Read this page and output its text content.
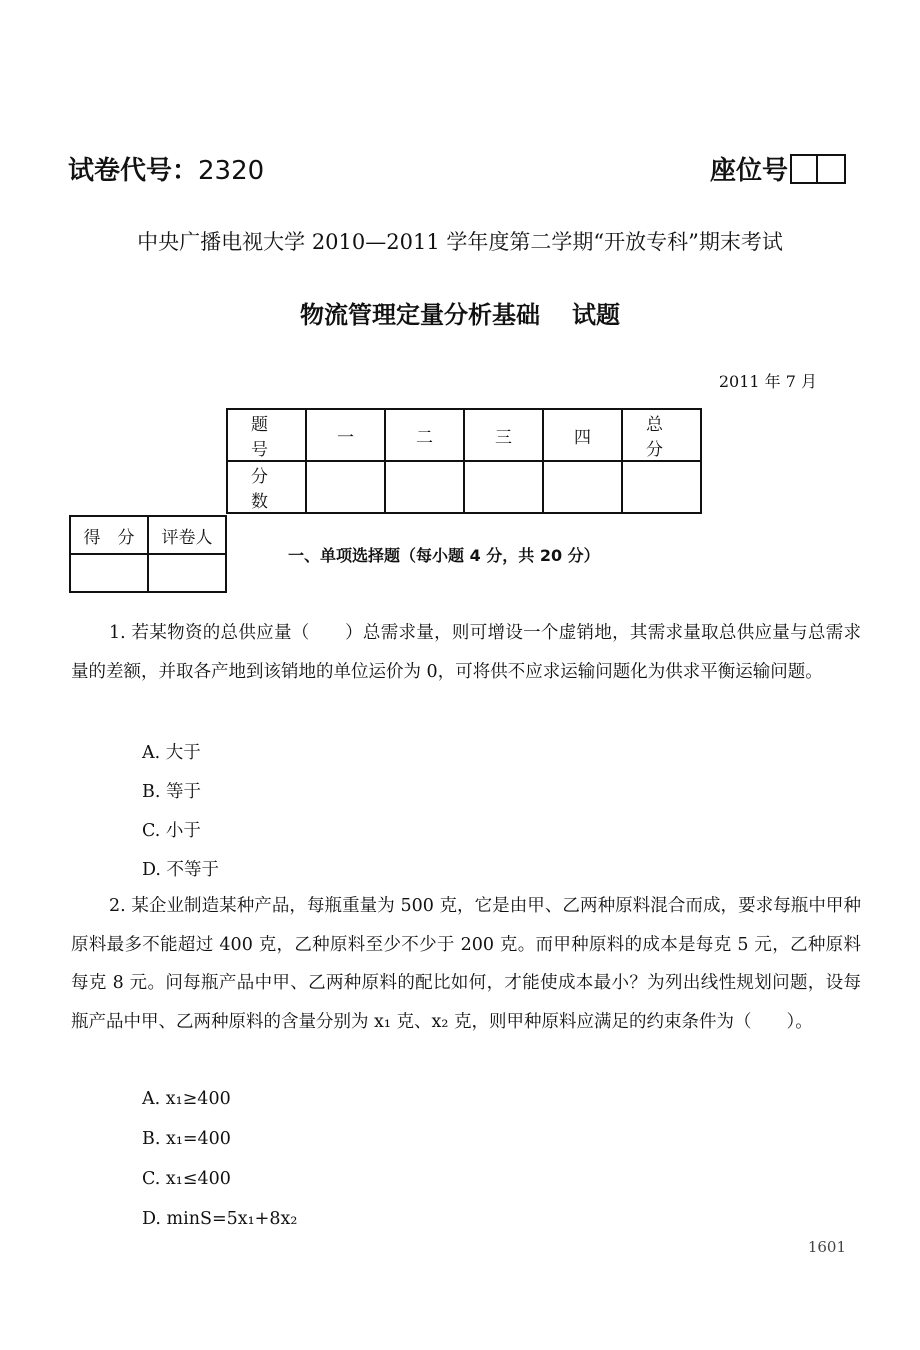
试卷代号：2320	座位号
中央广播电视大学 2010—2011 学年度第二学期“开放专科”期末考试
物流管理定量分析基础 试题
2011 年 7 月
题　号	一	二	三	四	总　分
分　数					
得　分	评卷人

一、单项选择题（每小题 4 分，共 20 分）
1. 若某物资的总供应量（　　）总需求量，则可增设一个虚销地，其需求量取总供应量与总需求量的差额，并取各产地到该销地的单位运价为 0，可将供不应求运输问题化为供求平衡运输问题。
A. 大于
B. 等于
C. 小于
D. 不等于
2. 某企业制造某种产品，每瓶重量为 500 克，它是由甲、乙两种原料混合而成，要求每瓶中甲种原料最多不能超过 400 克，乙种原料至少不少于 200 克。而甲种原料的成本是每克 5 元，乙种原料每克 8 元。问每瓶产品中甲、乙两种原料的配比如何，才能使成本最小？为列出线性规划问题，设每瓶产品中甲、乙两种原料的含量分别为 x₁ 克、x₂ 克，则甲种原料应满足的约束条件为（　　）。
A. x₁≥400
B. x₁=400
C. x₁≤400
D. minS=5x₁+8x₂
1601
